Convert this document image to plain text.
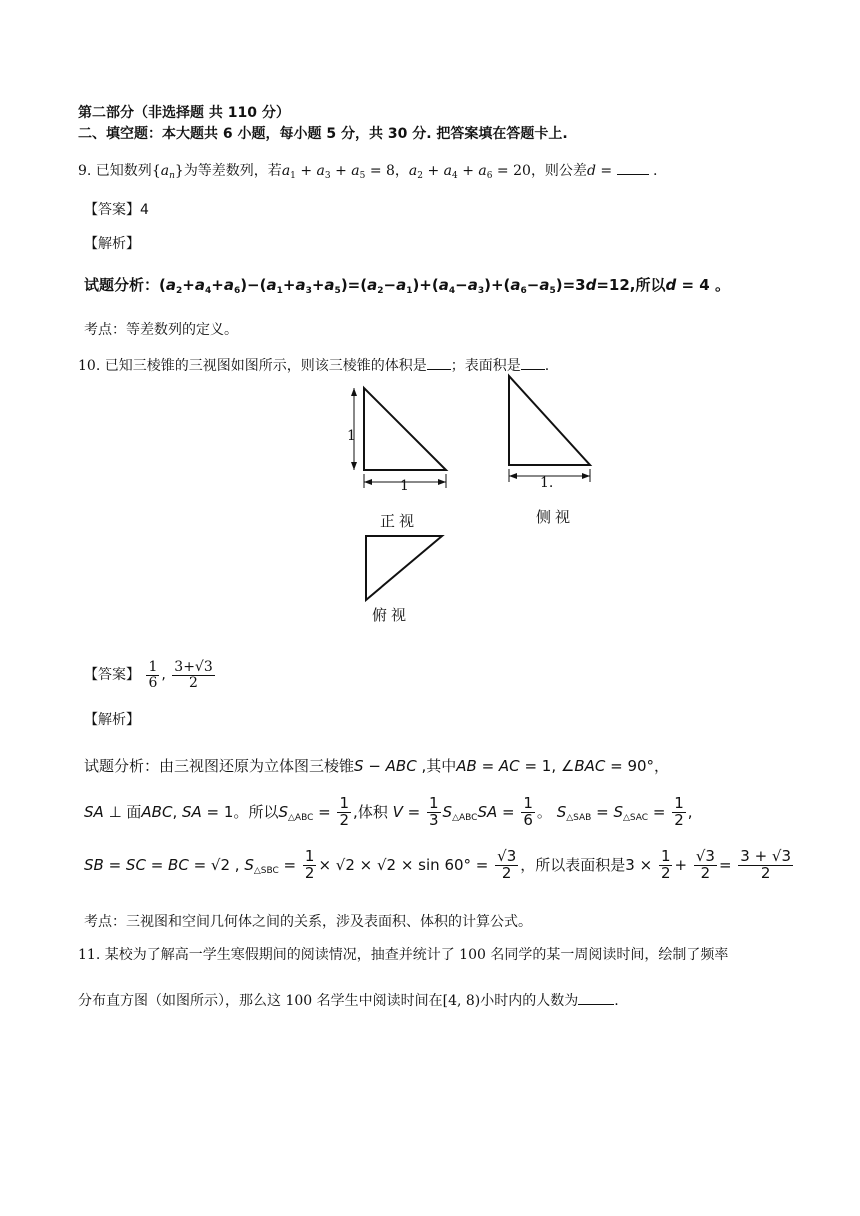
第二部分（非选择题 共 110 分）
二、填空题：本大题共 6 小题，每小题 5 分，共 30 分. 把答案填在答题卡上.
9. 已知数列$\{a_n\}$为等差数列，若$a_1 + a_3 + a_5 = 8$，$a_2 + a_4 + a_6 = 20$，则公差d =  .
【答案】4
【解析】
试题分析：$(a_2+a_4+a_6)-(a_1+a_3+a_5)=(a_2-a_1)+(a_4-a_3)+(a_6-a_5)=3d=12$,所以d = 4 。
考点：等差数列的定义。
10. 已知三棱锥的三视图如图所示，则该三棱锥的体积是 ；表面积是 .
1
1
正视
1.
侧视
俯视
【答案】 $\frac{1}{6}$ , $\frac{3+√3}{2}$
【解析】
试题分析：由三视图还原为立体图三棱锥S − ABC ,其中AB = AC = 1, ∠BAC = 90°，
SA ⊥ 面ABC, SA = 1。所以$S_{\triangle ABC} = \frac{1}{2}$ ,体积 $V = \frac{1}{3} S_{\triangle ABC}SA = \frac{1}{6}$ 。 $S_{\triangle SAB} = S_{\triangle SAC} = \frac{1}{2}$ ,
SB = SC = BC = √2 , $S_{\triangle SBC} = \frac{1}{2} \times √2 \times √2 \times \sin 60^\circ = \frac{√3}{2}$ ，所以表面积是$3 \times \frac{1}{2} + \frac{√3}{2} = \frac{3 + √3}{2}$
考点：三视图和空间几何体之间的关系，涉及表面积、体积的计算公式。
11. 某校为了解高一学生寒假期间的阅读情况，抽查并统计了 100 名同学的某一周阅读时间，绘制了频率
分布直方图（如图所示），那么这 100 名学生中阅读时间在[4, 8)小时内的人数为	.
